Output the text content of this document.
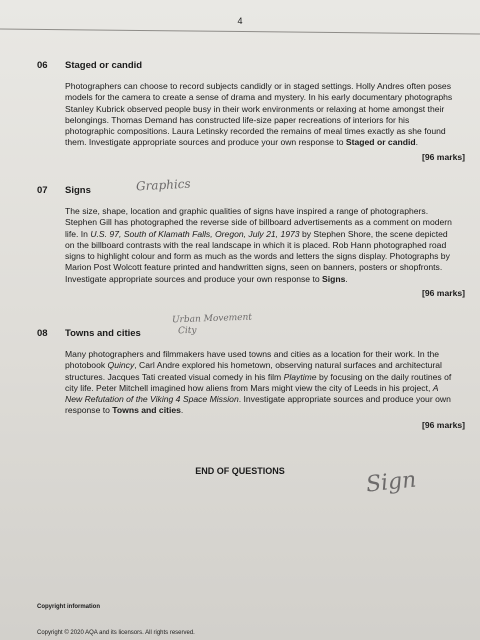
4
06 Staged or candid
Photographers can choose to record subjects candidly or in staged settings. Holly Andres often poses models for the camera to create a sense of drama and mystery. In his early documentary photographs Stanley Kubrick observed people busy in their work environments or relaxing at home amongst their belongings. Thomas Demand has constructed life-size paper recreations of interiors for his photographic compositions. Laura Letinsky recorded the remains of meal times exactly as she found them. Investigate appropriate sources and produce your own response to Staged or candid.
[96 marks]
07 Signs
The size, shape, location and graphic qualities of signs have inspired a range of photographers. Stephen Gill has photographed the reverse side of billboard advertisements as a comment on modern life. In U.S. 97, South of Klamath Falls, Oregon, July 21, 1973 by Stephen Shore, the scene depicted on the billboard contrasts with the real landscape in which it is placed. Rob Hann photographed road signs to highlight colour and form as much as the words and letters the signs display. Photographs by Marion Post Wolcott feature printed and handwritten signs, seen on banners, posters or shopfronts. Investigate appropriate sources and produce your own response to Signs.
[96 marks]
08 Towns and cities
Many photographers and filmmakers have used towns and cities as a location for their work. In the photobook Quincy, Carl Andre explored his hometown, observing natural surfaces and architectural structures. Jacques Tati created visual comedy in his film Playtime by focusing on the daily routines of city life. Peter Mitchell imagined how aliens from Mars might view the city of Leeds in his project, A New Refutation of the Viking 4 Space Mission. Investigate appropriate sources and produce your own response to Towns and cities.
[96 marks]
Graphics
Urban Movement
City
Sign
END OF QUESTIONS
Copyright information
Copyright © 2020 AQA and its licensors. All rights reserved.
